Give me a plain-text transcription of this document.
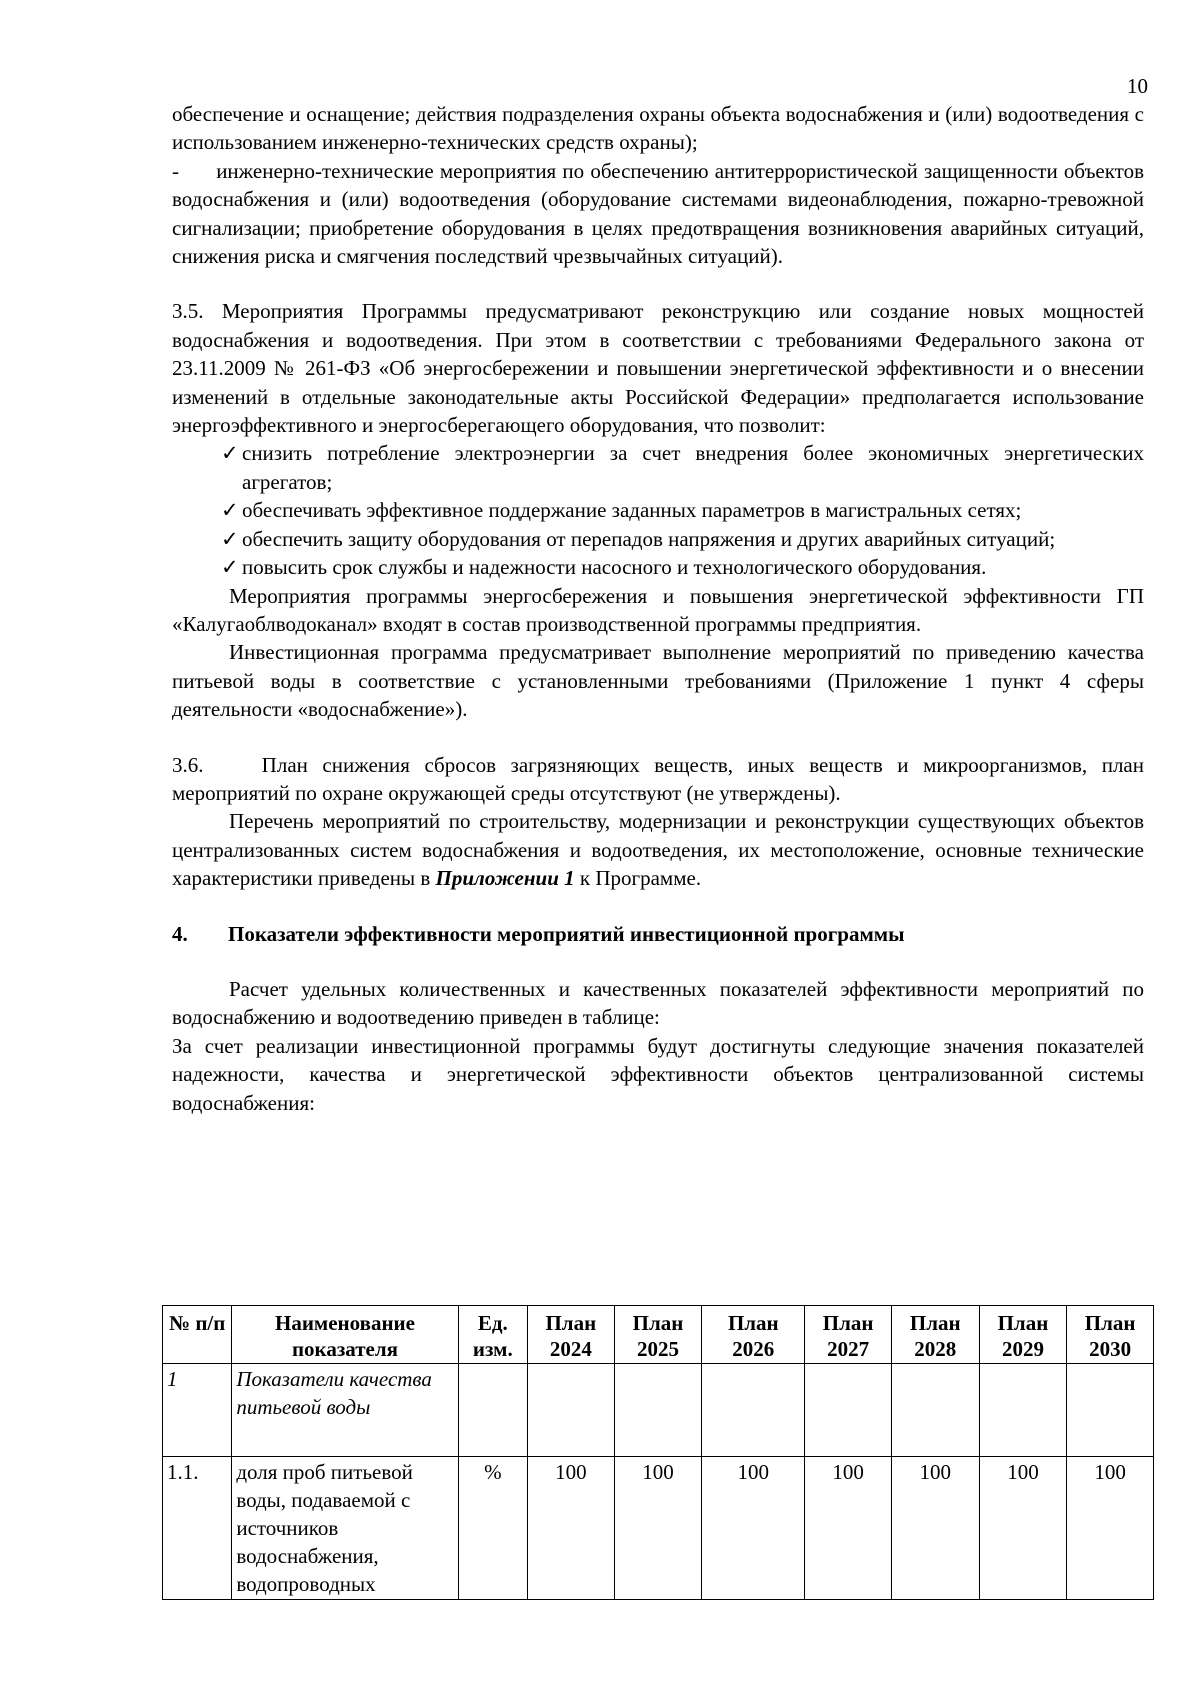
10

обеспечение и оснащение; действия подразделения охраны объекта водоснабжения и (или) водоотведения с использованием инженерно-технических средств охраны);

-      инженерно-технические мероприятия по обеспечению антитеррористической защищенности объектов водоснабжения и (или) водоотведения (оборудование системами видеонаблюдения, пожарно-тревожной сигнализации; приобретение оборудования в целях предотвращения возникновения аварийных ситуаций, снижения риска и смягчения последствий чрезвычайных ситуаций).

3.5. Мероприятия Программы предусматривают реконструкцию или создание новых мощностей водоснабжения и водоотведения. При этом в соответствии с требованиями Федерального закона от 23.11.2009 № 261-ФЗ «Об энергосбережении и повышении энергетической эффективности и о внесении изменений в отдельные законодательные акты Российской Федерации» предполагается использование энергоэффективного и энергосберегающего оборудования, что позволит:

✓ снизить потребление электроэнергии за счет внедрения более экономичных энергетических агрегатов;
✓ обеспечивать эффективное поддержание заданных параметров в магистральных сетях;
✓ обеспечить защиту оборудования от перепадов напряжения и других аварийных ситуаций;
✓ повысить срок службы и надежности насосного и технологического оборудования.

Мероприятия программы энергосбережения и повышения энергетической эффективности ГП «Калугаоблводоканал» входят в состав производственной программы предприятия.

Инвестиционная программа предусматривает выполнение мероприятий по приведению качества питьевой воды в соответствие с установленными требованиями (Приложение 1 пункт 4 сферы деятельности «водоснабжение»).

3.6.    План снижения сбросов загрязняющих веществ, иных веществ и микроорганизмов, план мероприятий по охране окружающей среды отсутствуют (не утверждены).

Перечень мероприятий по строительству, модернизации и реконструкции существующих объектов централизованных систем водоснабжения и водоотведения, их местоположение, основные технические характеристики приведены в Приложении 1 к Программе.

4. Показатели эффективности мероприятий инвестиционной программы

Расчет удельных количественных и качественных показателей эффективности мероприятий по водоснабжению и водоотведению приведен в таблице:

За счет реализации инвестиционной программы будут достигнуты следующие значения показателей надежности, качества и энергетической эффективности объектов централизованной системы водоснабжения:

№ п/п	Наименование показателя	Ед. изм.	План 2024	План 2025	План 2026	План 2027	План 2028	План 2029	План 2030
1	Показатели качества питьевой воды								
1.1.	доля проб питьевой воды, подаваемой с источников водоснабжения, водопроводных	%	100	100	100	100	100	100	100
